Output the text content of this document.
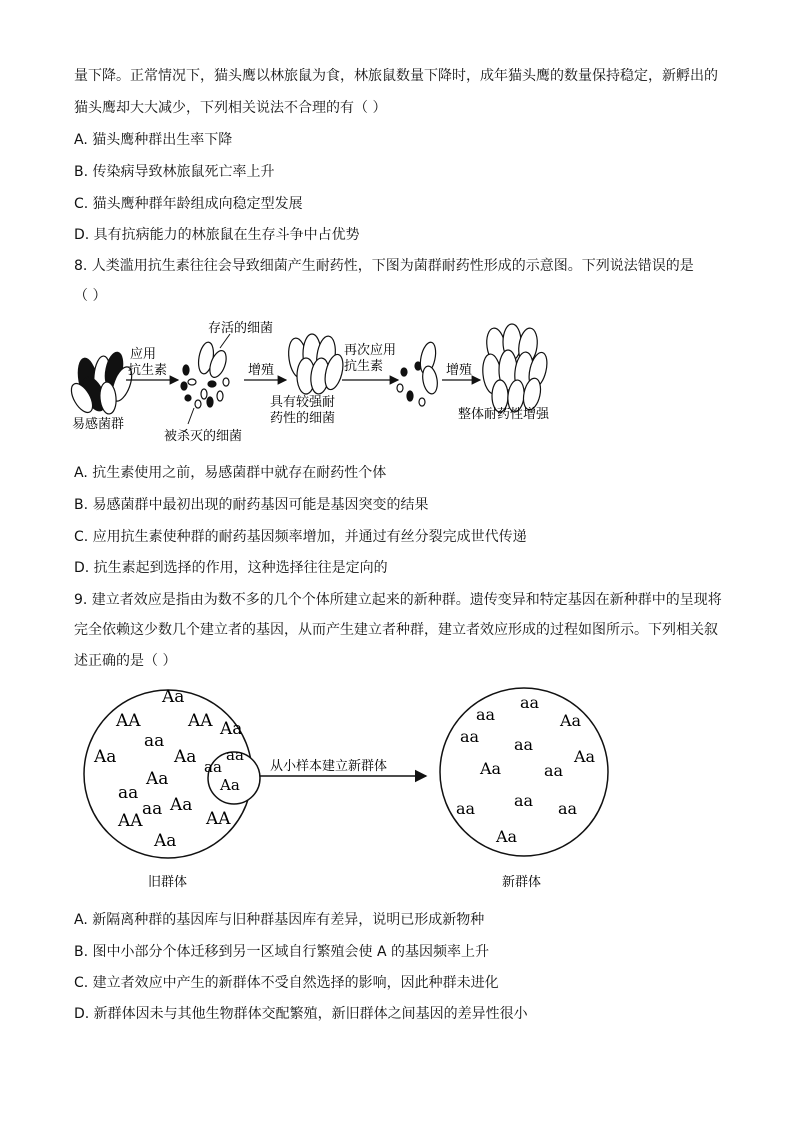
量下降。正常情况下，猫头鹰以林旅鼠为食，林旅鼠数量下降时，成年猫头鹰的数量保持稳定，新孵出的
猫头鹰却大大减少，下列相关说法不合理的有（ ）
A. 猫头鹰种群出生率下降
B. 传染病导致林旅鼠死亡率上升
C. 猫头鹰种群年龄组成向稳定型发展
D. 具有抗病能力的林旅鼠在生存斗争中占优势
8. 人类滥用抗生素往往会导致细菌产生耐药性，下图为菌群耐药性形成的示意图。下列说法错误的是
（ ）
易感菌群
应用
抗生素
存活的细菌
被杀灭的细菌
增殖
具有较强耐
药性的细菌
再次应用
抗生素	增殖
整体耐药性增强
A. 抗生素使用之前，易感菌群中就存在耐药性个体
B. 易感菌群中最初出现的耐药基因可能是基因突变的结果
C. 应用抗生素使种群的耐药基因频率增加，并通过有丝分裂完成世代传递
D. 抗生素起到选择的作用，这种选择往往是定向的
9. 建立者效应是指由为数不多的几个个体所建立起来的新种群。遗传变异和特定基因在新种群中的呈现将
完全依赖这少数几个建立者的基因，从而产生建立者种群，建立者效应形成的过程如图所示。下列相关叙
述正确的是（ ）
Aa
AA	AA Aa
aa
Aa	Aa
aa
Aa
aa Aa
AA
AA
Aa
aa
aa
Aa
旧群体
从小样本建立新群体
aa
aa
Aa
aa aa
Aa
Aa	aa
aa aa aa
Aa
新群体
A. 新隔离种群的基因库与旧种群基因库有差异，说明已形成新物种
B. 图中小部分个体迁移到另一区域自行繁殖会使 A 的基因频率上升
C. 建立者效应中产生的新群体不受自然选择的影响，因此种群未进化
D. 新群体因未与其他生物群体交配繁殖，新旧群体之间基因的差异性很小
